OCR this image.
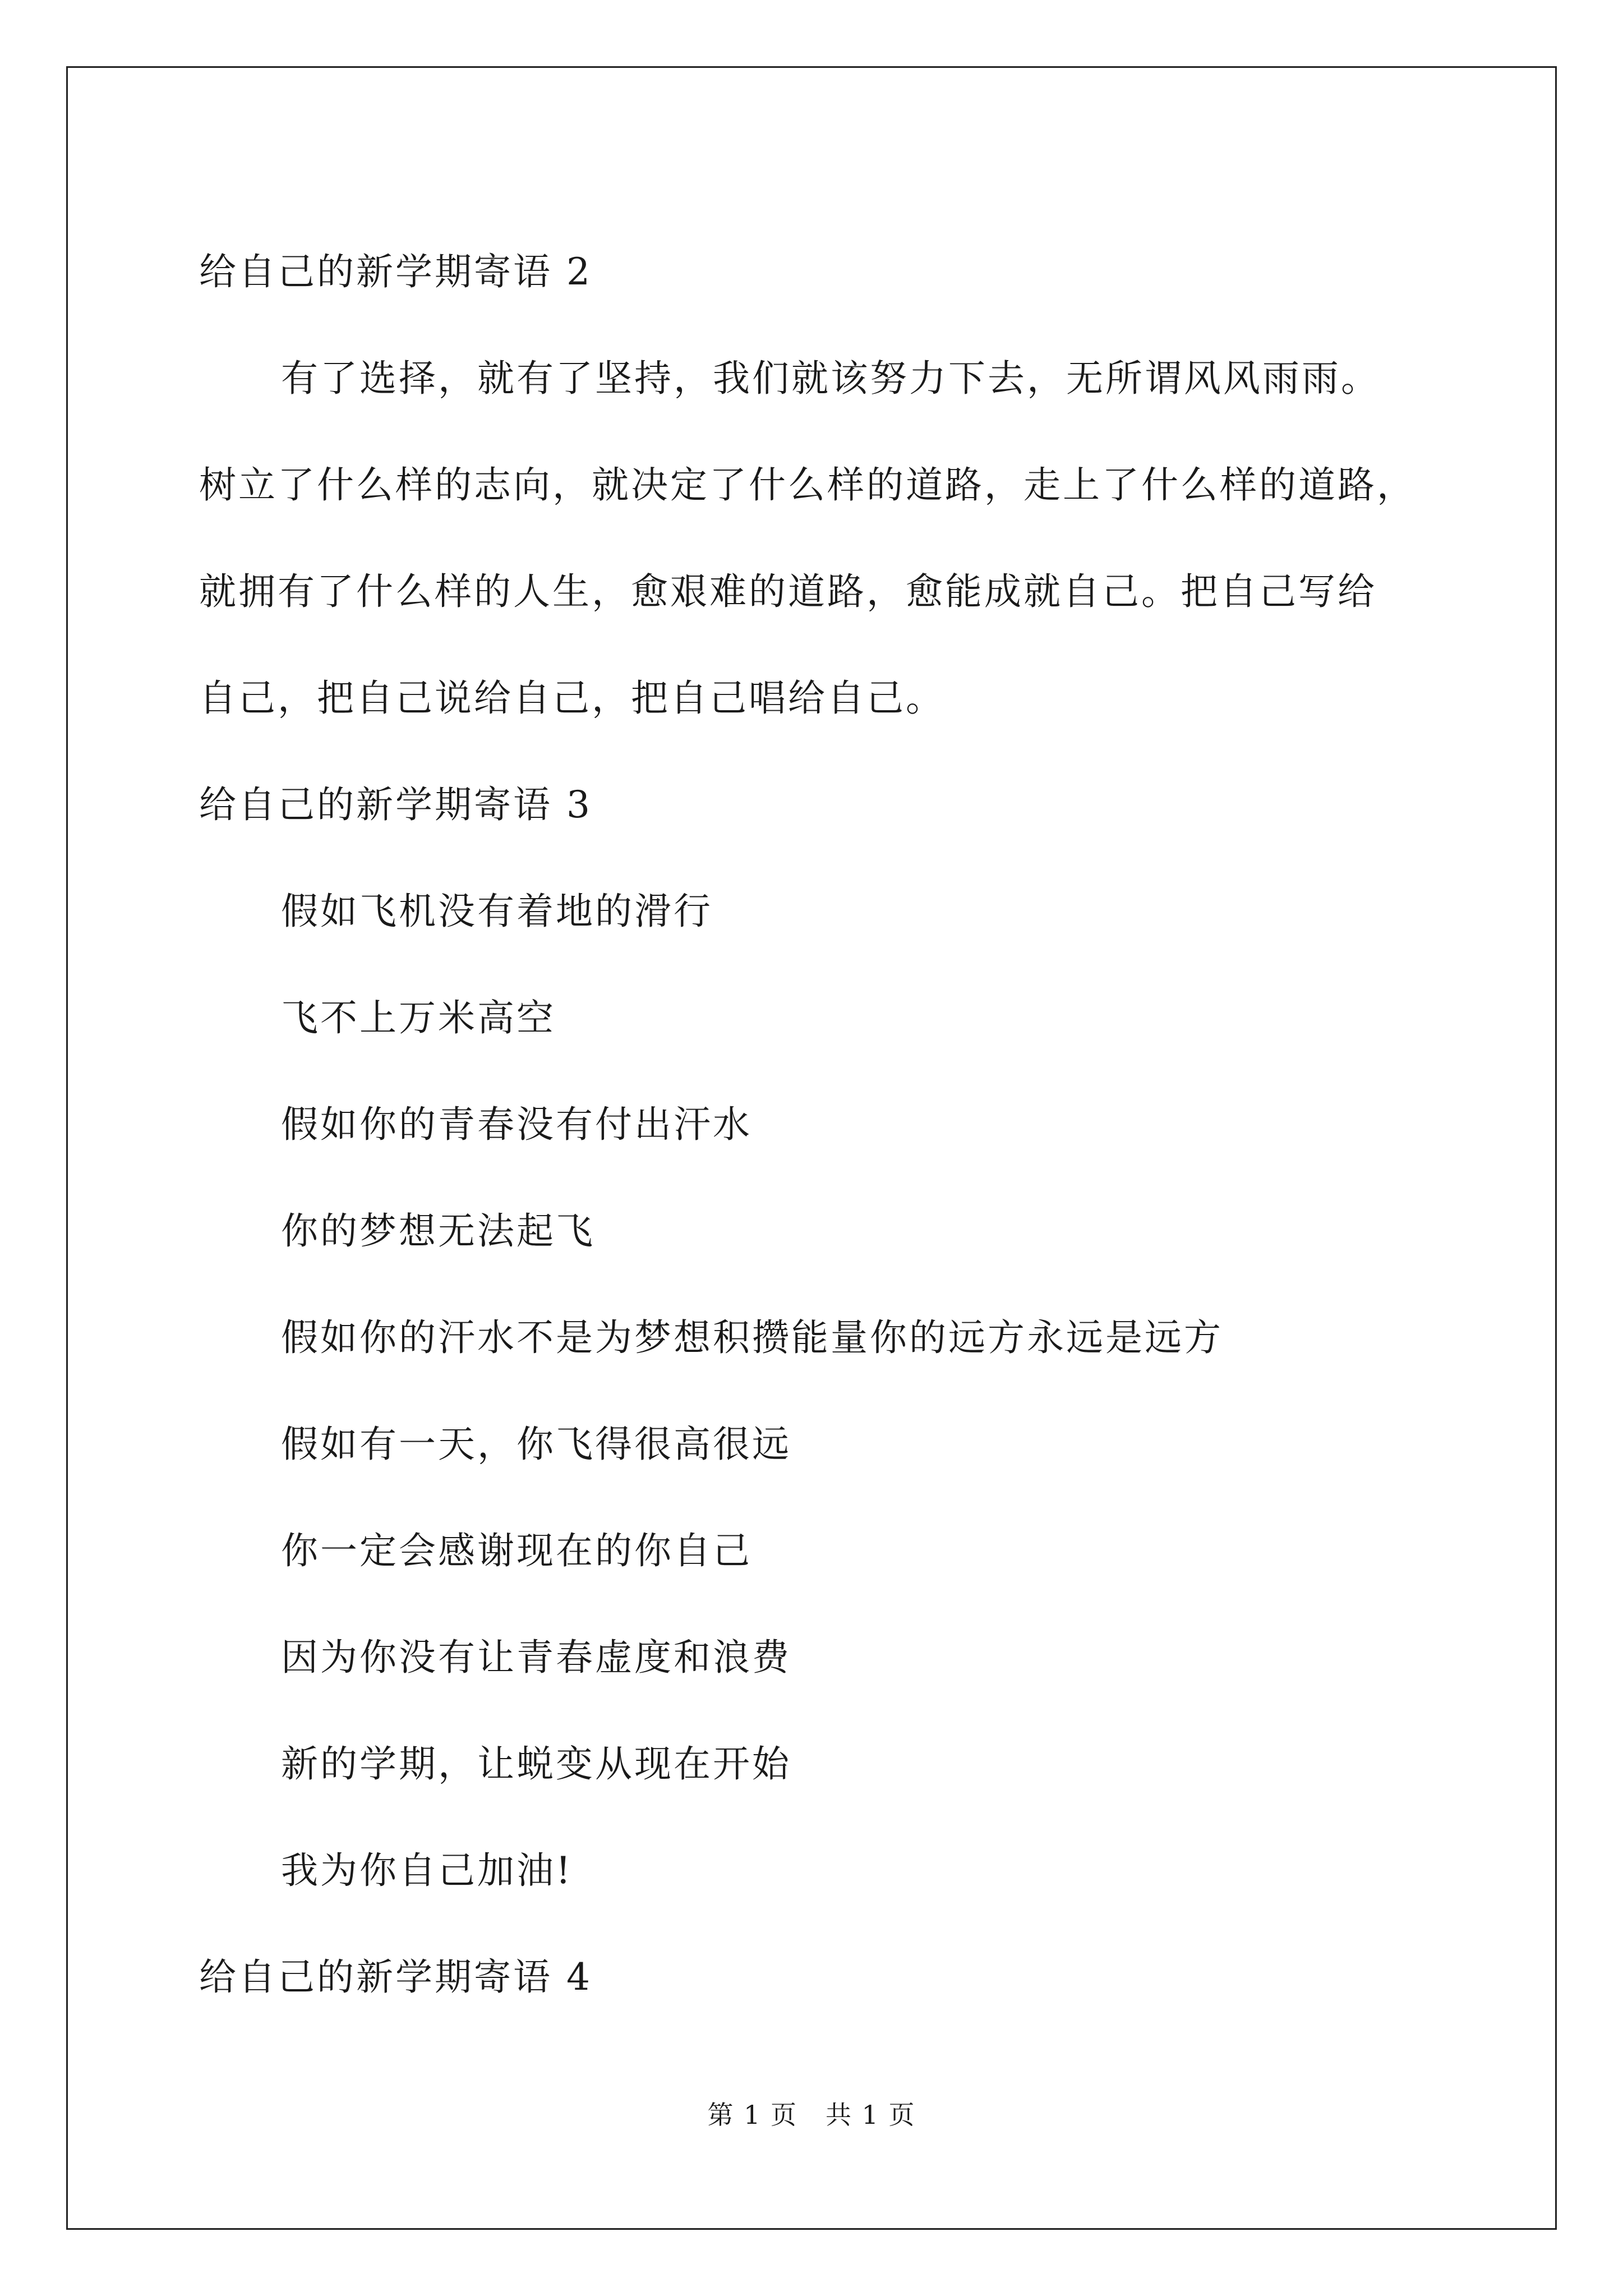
给自己的新学期寄语 2
有了选择，就有了坚持，我们就该努力下去，无所谓风风雨雨。
树立了什么样的志向，就决定了什么样的道路，走上了什么样的道路，
就拥有了什么样的人生，愈艰难的道路，愈能成就自己。把自己写给
自己，把自己说给自己，把自己唱给自己。
给自己的新学期寄语 3
假如飞机没有着地的滑行
飞不上万米高空
假如你的青春没有付出汗水
你的梦想无法起飞
假如你的汗水不是为梦想积攒能量你的远方永远是远方
假如有一天，你飞得很高很远
你一定会感谢现在的你自己
因为你没有让青春虚度和浪费
新的学期，让蜕变从现在开始
我为你自己加油!
给自己的新学期寄语 4
第 1 页 共 1 页
